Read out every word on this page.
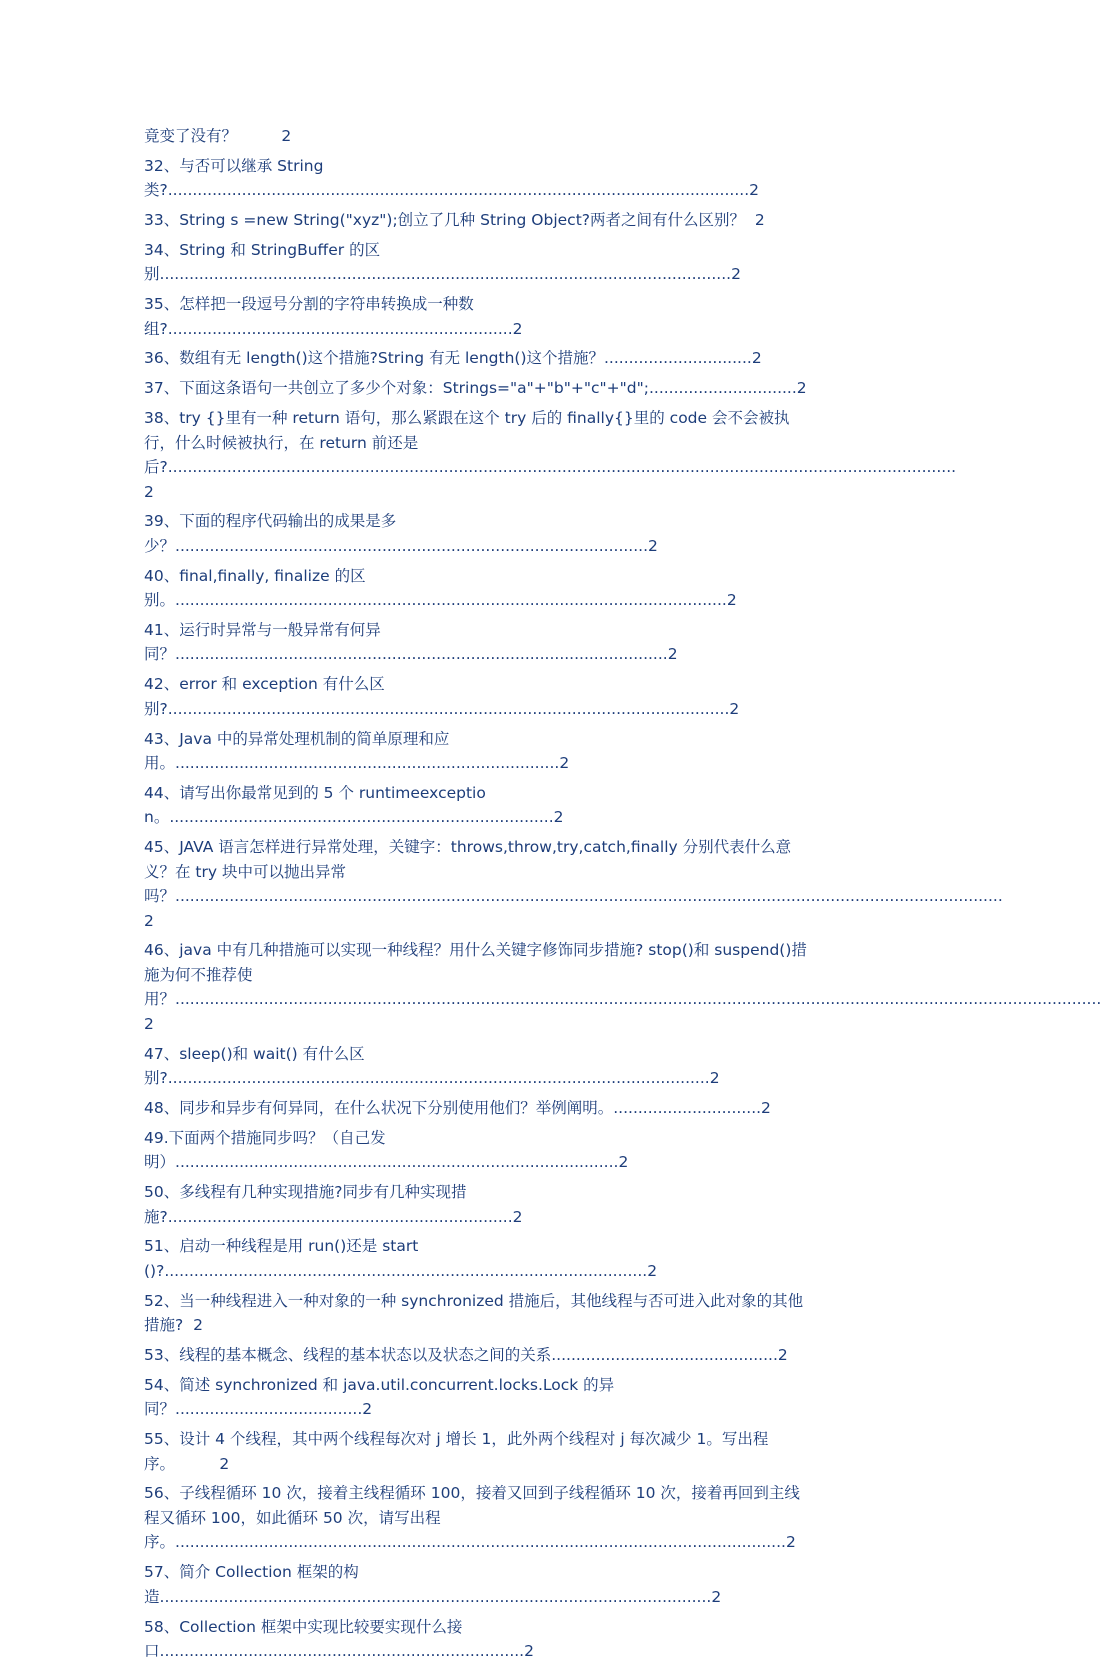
竟变了没有？	2

32、与否可以继承 String 类?......................................................................................................................2

33、String s =new String("xyz");创立了几种 String Object?两者之间有什么区别？ 2

34、String 和 StringBuffer 的区别....................................................................................................................2

35、怎样把一段逗号分割的字符串转换成一种数组?......................................................................2

36、数组有无 length()这个措施?String 有无 length()这个措施？..............................2

37、下面这条语句一共创立了多少个对象：Strings="a"+"b"+"c"+"d";..............................2

38、try {}里有一种 return 语句，那么紧跟在这个 try 后的 finally{}里的 code 会不会被执行，什么时候被执行，在 return 前还是后?................................................................................................................................................................2

39、下面的程序代码输出的成果是多少？................................................................................................2

40、final,finally, finalize 的区别。................................................................................................................2

41、运行时异常与一般异常有何异同？....................................................................................................2

42、error 和 exception 有什么区别?..................................................................................................................2

43、Java 中的异常处理机制的简单原理和应用。..............................................................................2

44、请写出你最常见到的 5 个 runtimeexception。..............................................................................2

45、JAVA 语言怎样进行异常处理，关键字：throws,throw,try,catch,finally 分别代表什么意义？在 try 块中可以抛出异常吗？........................................................................................................................................................................2

46、java 中有几种措施可以实现一种线程？用什么关键字修饰同步措施? stop()和 suspend()措施为何不推荐使用？............................................................................................................................................................................................2

47、sleep()和 wait() 有什么区别?..............................................................................................................2

48、同步和异步有何异同，在什么状况下分别使用他们？举例阐明。..............................2

49.下面两个措施同步吗？（自己发明）..........................................................................................2

50、多线程有几种实现措施?同步有几种实现措施?......................................................................2

51、启动一种线程是用 run()还是 start()?..................................................................................................2

52、当一种线程进入一种对象的一种 synchronized 措施后，其他线程与否可进入此对象的其他措施? 2

53、线程的基本概念、线程的基本状态以及状态之间的关系..............................................2

54、简述 synchronized 和 java.util.concurrent.locks.Lock 的异同？......................................2

55、设计 4 个线程，其中两个线程每次对 j 增长 1，此外两个线程对 j 每次减少 1。写出程序。	2

56、子线程循环 10 次，接着主线程循环 100，接着又回到子线程循环 10 次，接着再回到主线程又循环 100，如此循环 50 次，请写出程序。............................................................................................................................2

57、简介 Collection 框架的构造................................................................................................................2

58、Collection 框架中实现比较要实现什么接口..........................................................................2
